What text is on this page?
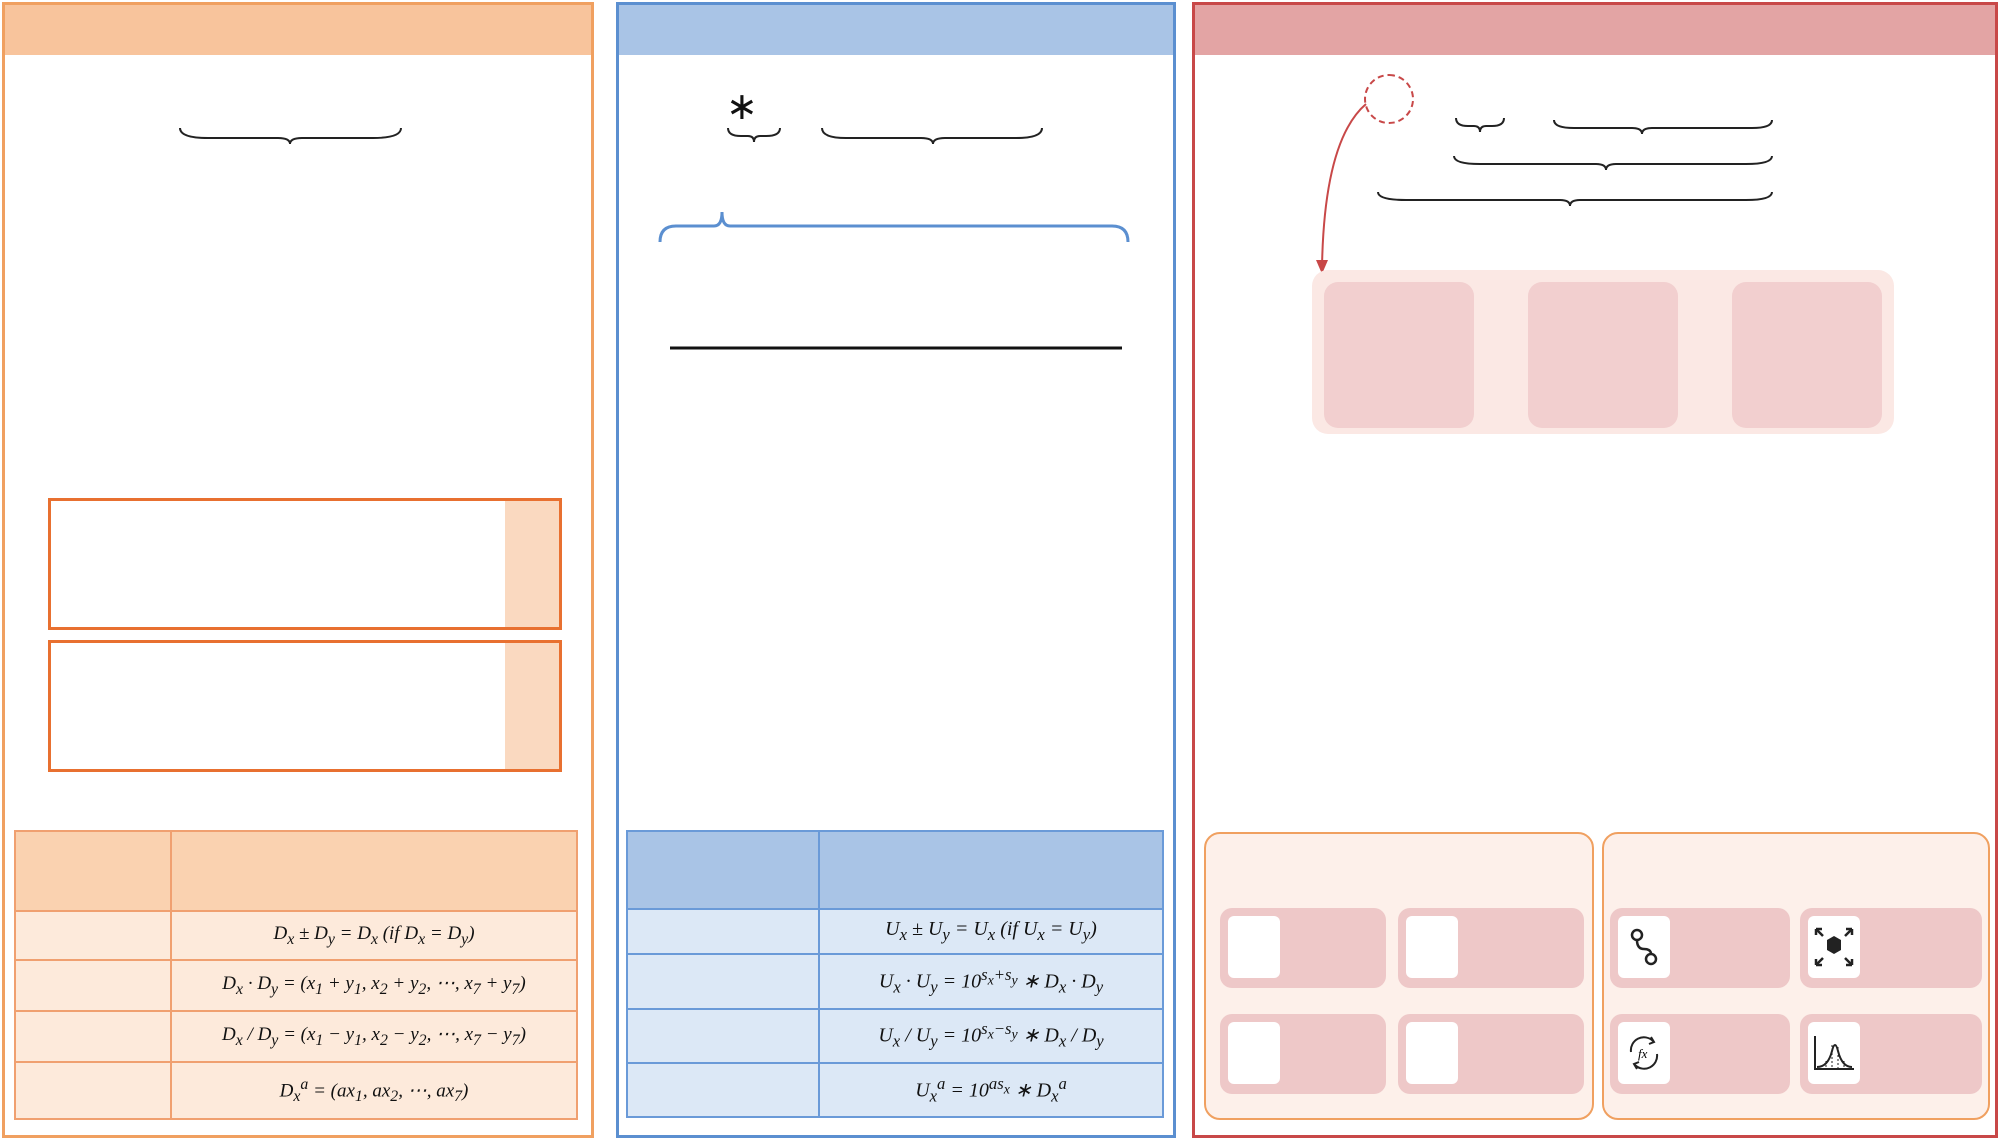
	$D_x \pm D_y = D_x$ (if $D_x = D_y$)
	$D_x \cdot D_y = (x_1 + y_1$, $x_2 + y_2$, ⋯, $x_7 + y_7$)
	$D_x / D_y = (x_1 - y_1$, $x_2 - y_2$, ⋯, $x_7 - y_7$)
	$D_x^a = (ax_1$, $ax_2$, ⋯, $ax_7$)
∗

	$U_x \pm U_y = U_x$ (if $U_x = U_y$)
	$U_x \cdot U_y = 10^{s_x+s_y}$ ∗ $D_x \cdot D_y$
	$U_x / U_y = 10^{s_x-s_y}$ ∗ $D_x / D_y$
	$U_x^a = 10^{as_x}$ ∗ $D_x^a$
fx
